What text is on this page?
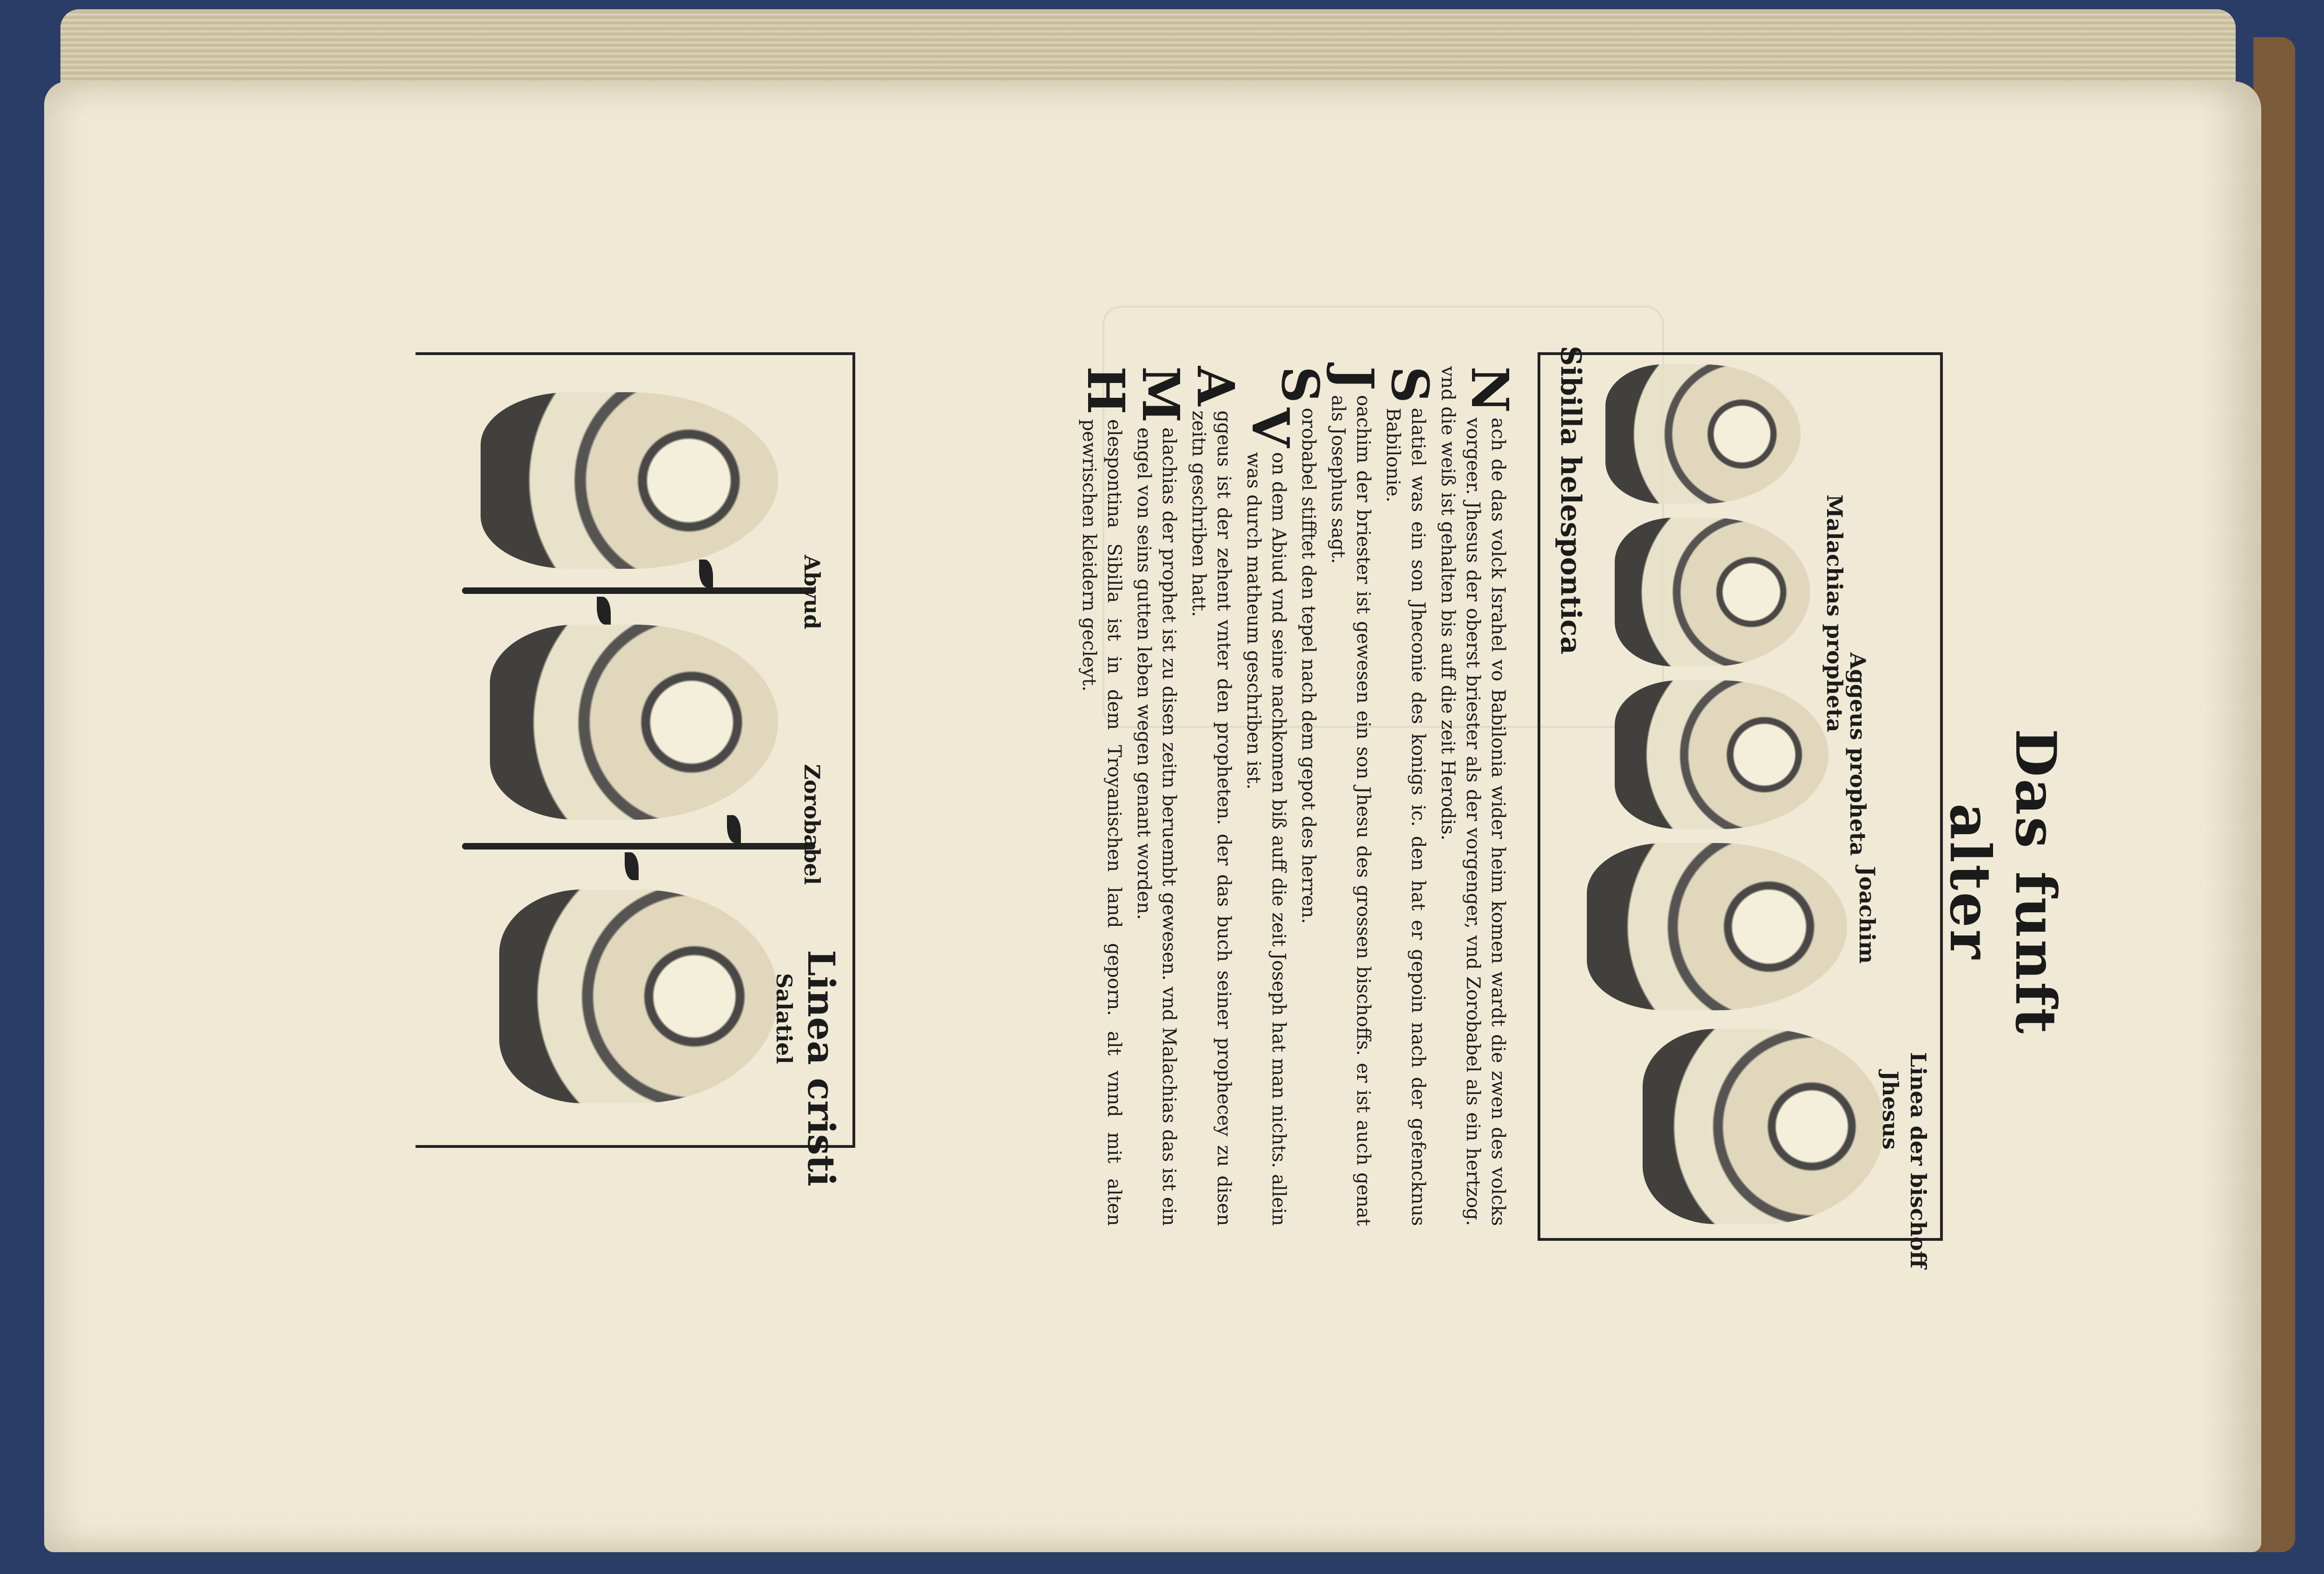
Das funft alter
Linea der bischoff
Jhesus
Joachim
Aggeus propheta
Malachias propheta
Sibilla helespontica

N
ach de das volck Israhel vo Babilonia wider heim komen wardt die zwen des volcks vorgeer. Jhesus der oberst briester als der vorgenger, vnd Zorobabel als ein hertzog. vnd die weiß ist gehalten bis auff die zeit Herodis.

S
alatiel was ein son Jheconie des konigs ic. den hat er gepoin nach der gefencknus Babilonie.

J
oachim der briester ist gewesen ein son Jhesu des grossen bischoffs. er ist auch genat als Josephus sagt.

S
orobabel stifftet den tepel nach dem gepot des herren.

V
on dem Abiud vnd seine nachkomen biß auff die zeit Joseph hat man nichts. allein was durch matheum geschriben ist.

A
ggeus ist der zehent vnter den propheten. der das buch seiner prophecey zu disen zeitn geschriben hatt.

M
alachias der prophet ist zu disen zeitn beruembt gewesen. vnd Malachias das ist ein engel von seins gutten leben wegen genant worden.

H
elespontina Sibilla ist in dem Troyanischen land geporn. alt vnnd mit alten pewrischen kleidern gecleyt.

Linea cristi
Salatiel
Zorobabel
Abyud
